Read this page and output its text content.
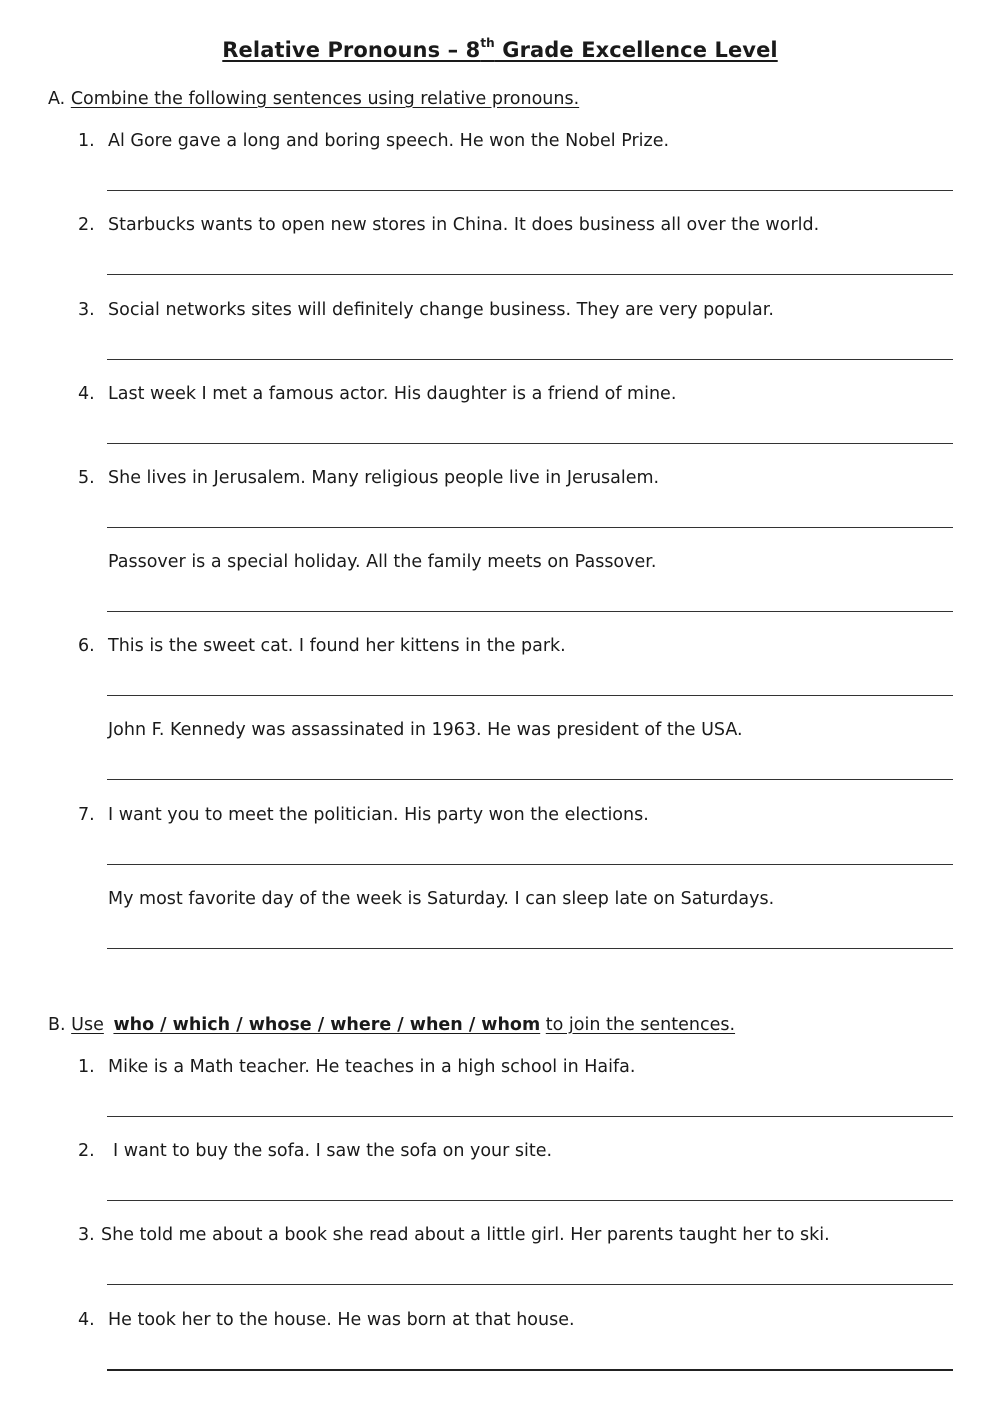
Relative Pronouns – 8th Grade Excellence Level
A. Combine the following sentences using relative pronouns.
1. Al Gore gave a long and boring speech. He won the Nobel Prize.
2. Starbucks wants to open new stores in China. It does business all over the world.
3. Social networks sites will definitely change business. They are very popular.
4. Last week I met a famous actor. His daughter is a friend of mine.
5. She lives in Jerusalem. Many religious people live in Jerusalem.
Passover is a special holiday. All the family meets on Passover.
6. This is the sweet cat. I found her kittens in the park.
John F. Kennedy was assassinated in 1963. He was president of the USA.
7. I want you to meet the politician. His party won the elections.
My most favorite day of the week is Saturday. I can sleep late on Saturdays.
B. Use who / which / whose / where / when / whom to join the sentences.
1. Mike is a Math teacher. He teaches in a high school in Haifa.
2. I want to buy the sofa. I saw the sofa on your site.
3. She told me about a book she read about a little girl. Her parents taught her to ski.
4. He took her to the house. He was born at that house.
